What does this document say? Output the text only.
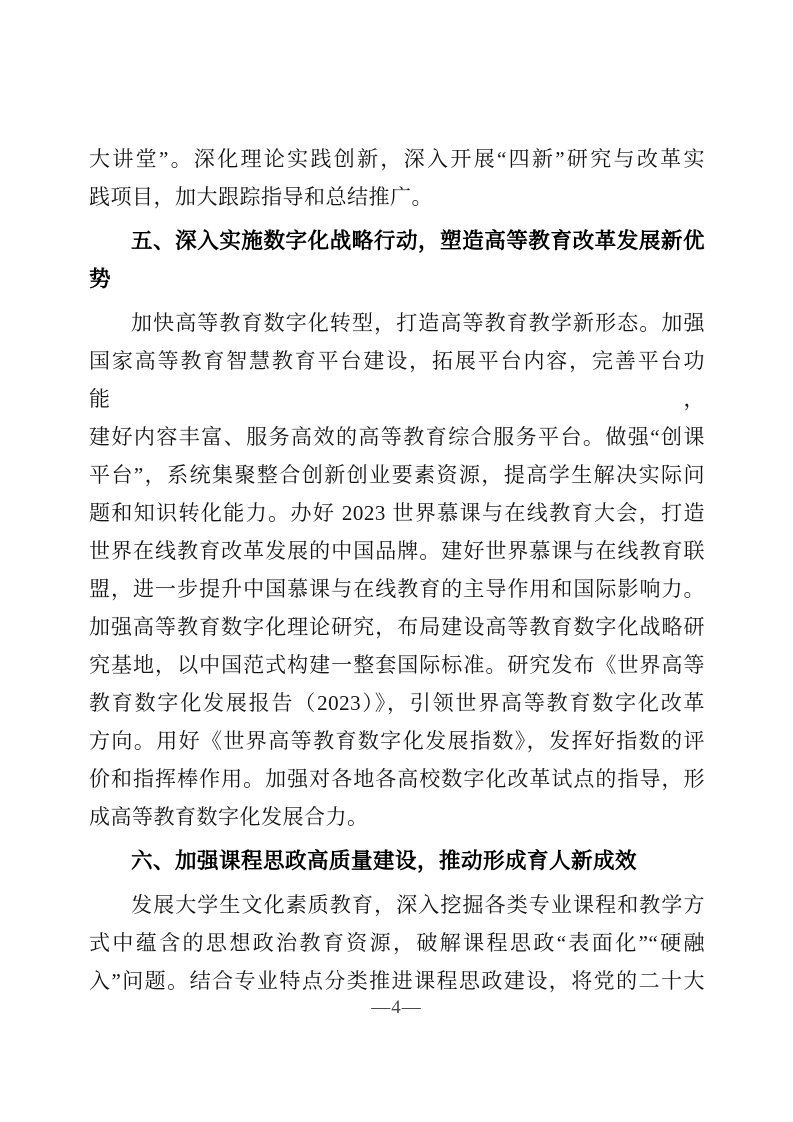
大讲堂”。深化理论实践创新，深入开展“四新”研究与改革实
践项目，加大跟踪指导和总结推广。
五、深入实施数字化战略行动，塑造高等教育改革发展新优
势
加快高等教育数字化转型，打造高等教育教学新形态。加强
国家高等教育智慧教育平台建设，拓展平台内容，完善平台功能，
建好内容丰富、服务高效的高等教育综合服务平台。做强“创课
平台”，系统集聚整合创新创业要素资源，提高学生解决实际问
题和知识转化能力。办好 2023 世界慕课与在线教育大会，打造
世界在线教育改革发展的中国品牌。建好世界慕课与在线教育联
盟，进一步提升中国慕课与在线教育的主导作用和国际影响力。
加强高等教育数字化理论研究，布局建设高等教育数字化战略研
究基地，以中国范式构建一整套国际标准。研究发布《世界高等
教育数字化发展报告（2023）》，引领世界高等教育数字化改革
方向。用好《世界高等教育数字化发展指数》，发挥好指数的评
价和指挥棒作用。加强对各地各高校数字化改革试点的指导，形
成高等教育数字化发展合力。
六、加强课程思政高质量建设，推动形成育人新成效
发展大学生文化素质教育，深入挖掘各类专业课程和教学方
式中蕴含的思想政治教育资源，破解课程思政“表面化”“硬融
入”问题。结合专业特点分类推进课程思政建设，将党的二十大
—4—
